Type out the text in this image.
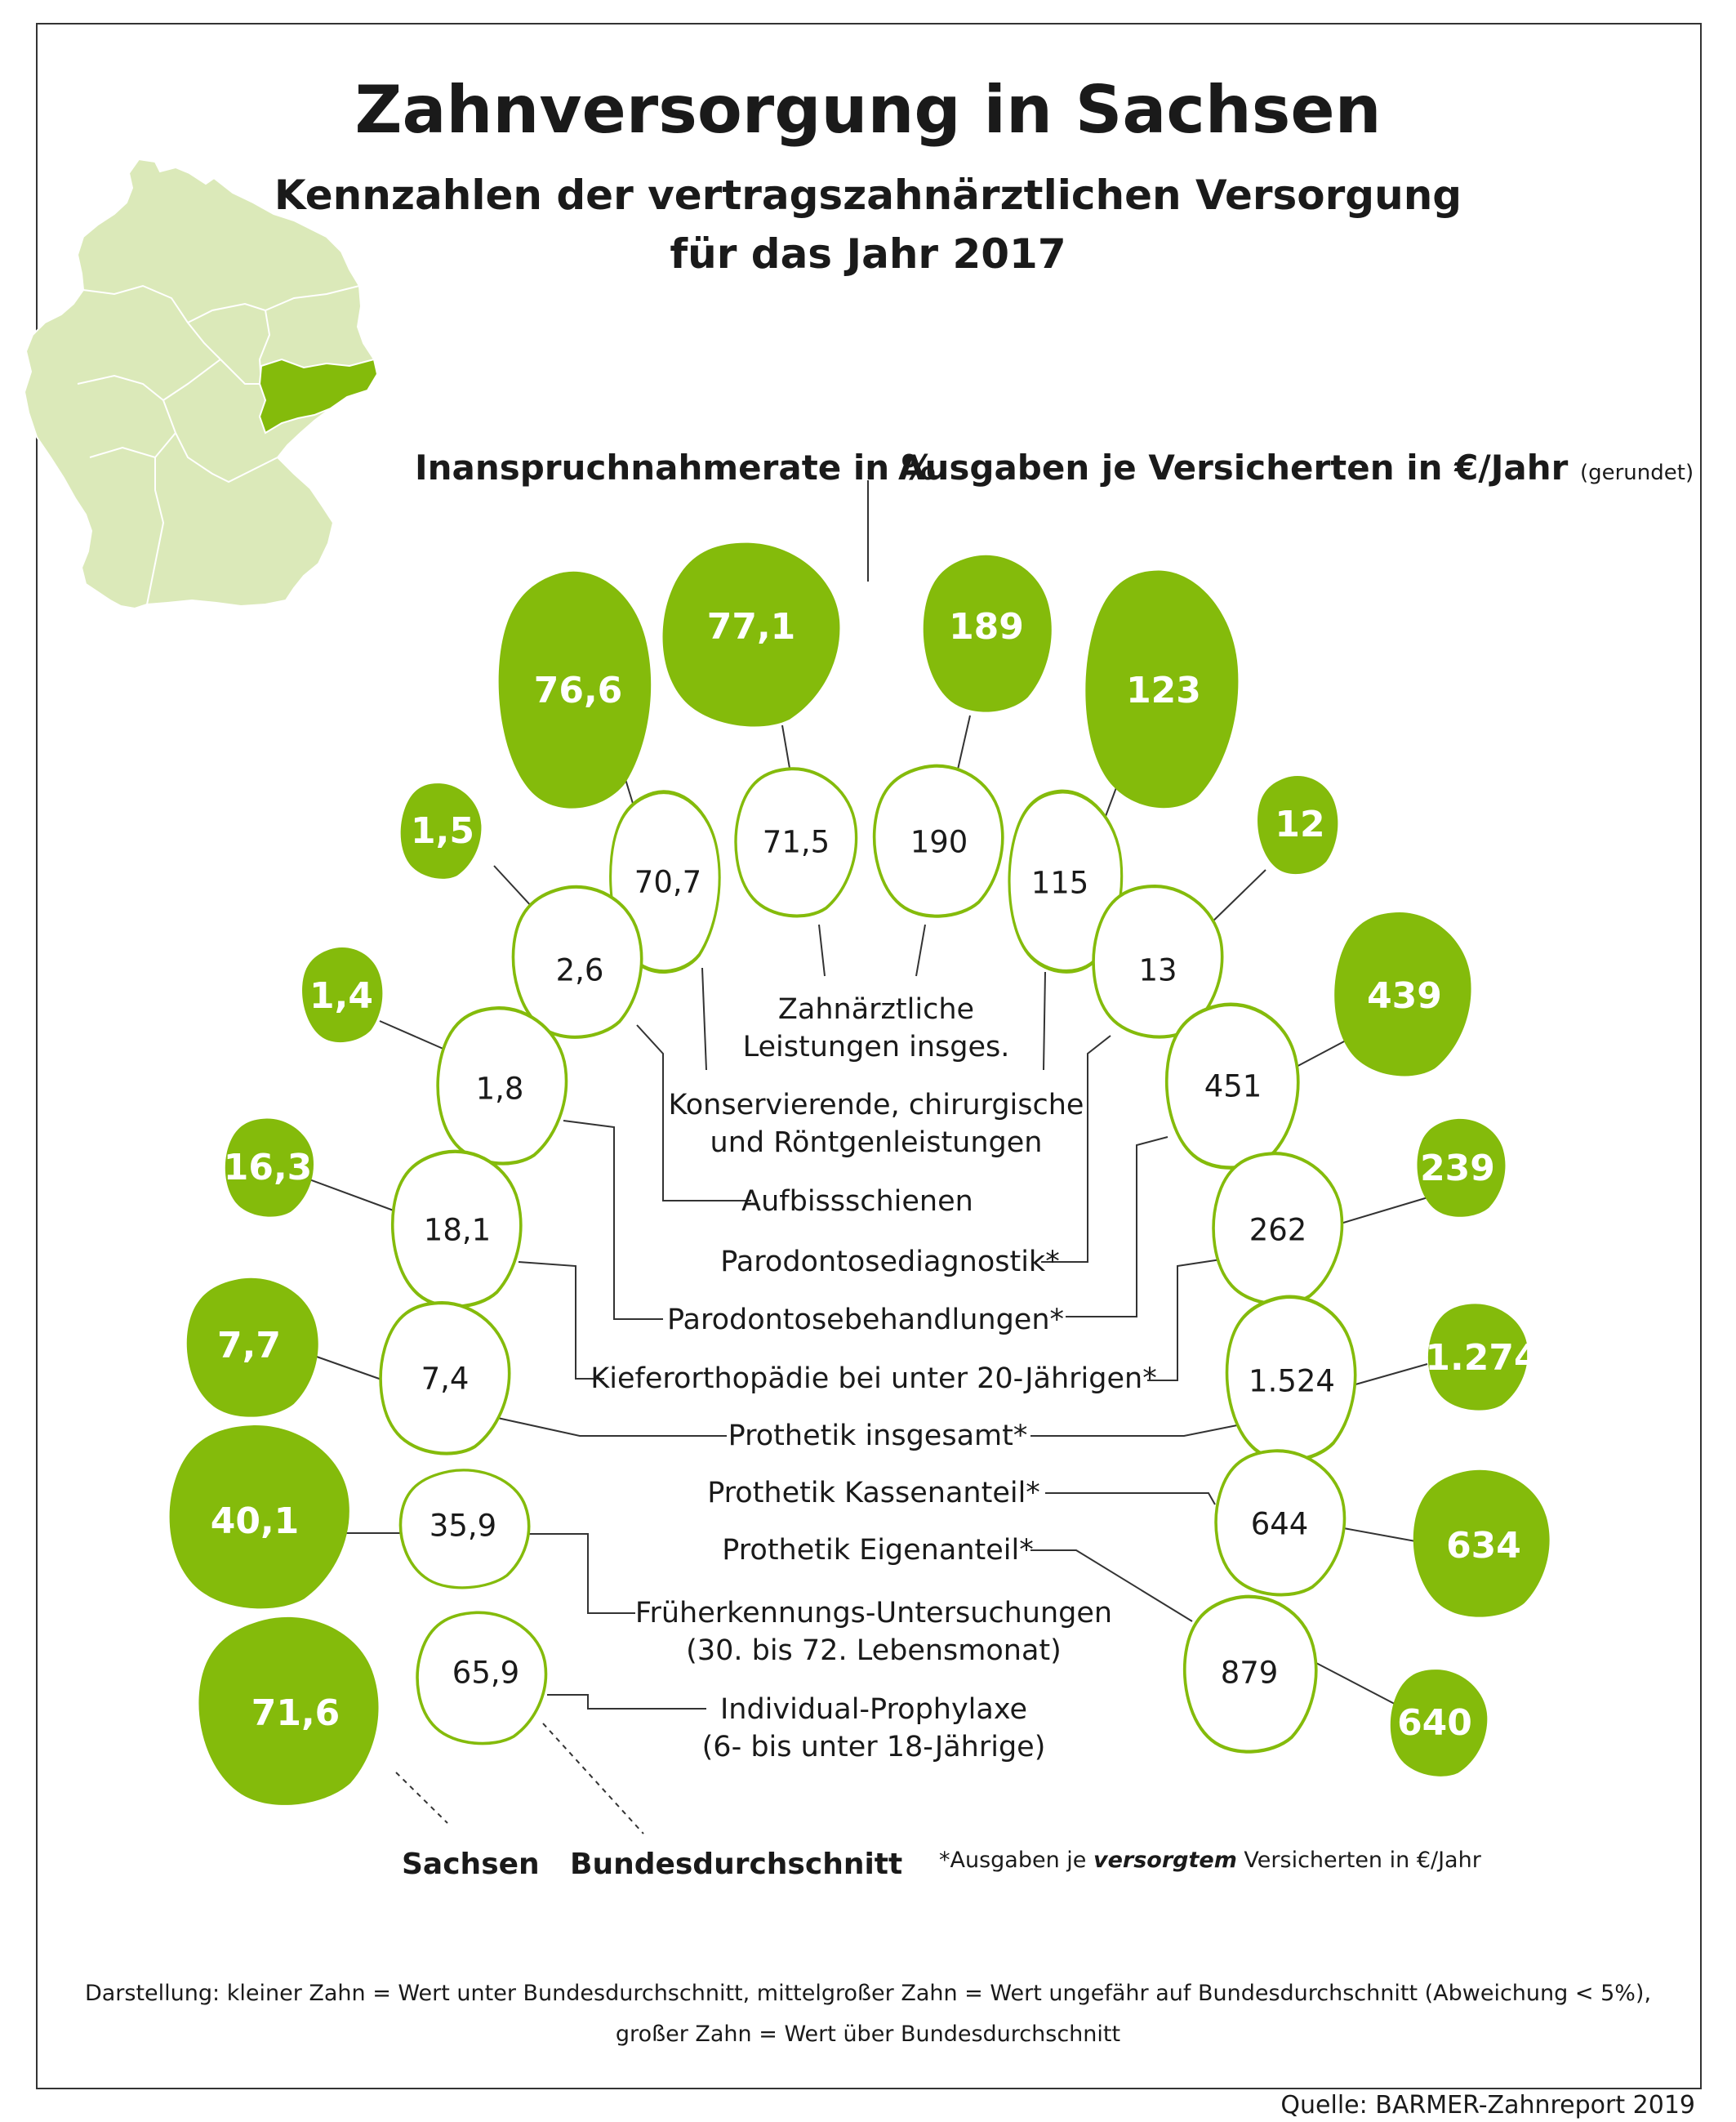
77,1
76,6
1,5
1,4
16,3
7,7
40,1
71,6
189
123
12
439
239
1.274
634
640
71,5
70,7
2,6
1,8
18,1
7,4
35,9
65,9
190
115
13
451
262
1.524
644
879
Zahnversorgung in Sachsen
Kennzahlen der vertragszahnärztlichen Versorgung
für das Jahr 2017
Inanspruchnahmerate in %
Ausgaben je Versicherten in €/Jahr (gerundet)
Zahnärztliche
Leistungen insges.
Konservierende, chirurgische
und Röntgenleistungen
Aufbissschienen
Parodontosediagnostik*
Parodontosebehandlungen*
Kieferorthopädie bei unter 20-Jährigen*
Prothetik insgesamt*
Prothetik Kassenanteil*
Prothetik Eigenanteil*
Früherkennungs-Untersuchungen
(30. bis 72. Lebensmonat)
Individual-Prophylaxe
(6- bis unter 18-Jährige)
Sachsen Bundesdurchschnitt *Ausgaben je versorgtem Versicherten in €/Jahr
Darstellung: kleiner Zahn = Wert unter Bundesdurchschnitt, mittelgroßer Zahn = Wert ungefähr auf Bundesdurchschnitt (Abweichung < 5%),
großer Zahn = Wert über Bundesdurchschnitt
Quelle: BARMER-Zahnreport 2019
